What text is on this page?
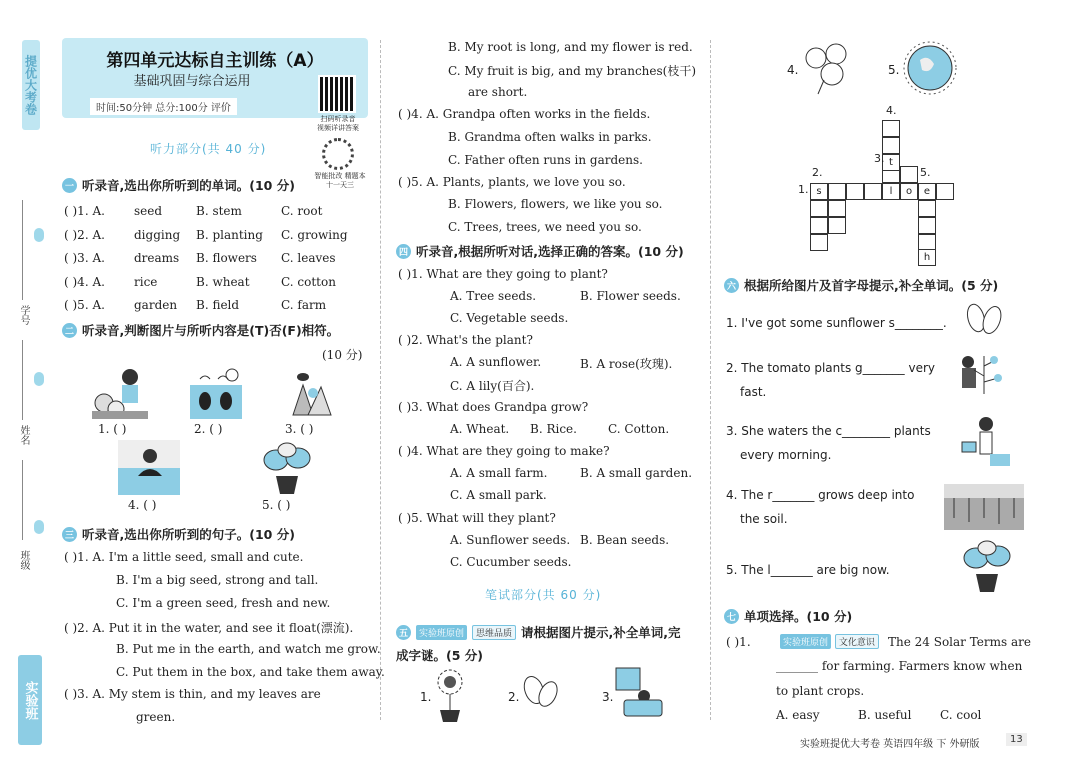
提优大考卷
学号
姓名
班级
实验班
第四单元达标自主训练（A）
基础巩固与综合运用
时间:50分钟 总分:100分 评价
扫码听录音 视频详讲答案
智能批改 精题本十一天三
听力部分(共 40 分)
一 听录音,选出你所听到的单词。(10 分)
( )1. A. seed	B. stem	C. root
( )2. A. digging B. planting C. growing
( )3. A. dreams B. flowers C. leaves
( )4. A. rice	B. wheat	C. cotton
( )5. A. garden B. field	C. farm
二 听录音,判断图片与所听内容是(T)否(F)相符。
(10 分)
1. ( )	2. ( )	3. ( )
4. ( )	5. ( )
三 听录音,选出你所听到的句子。(10 分)
( )1. A. I'm a little seed, small and cute.
B. I'm a big seed, strong and tall.
C. I'm a green seed, fresh and new.
( )2. A. Put it in the water, and see it float(漂流).
B. Put me in the earth, and watch me grow.
C. Put them in the box, and take them away.
( )3. A. My stem is thin, and my leaves are
green.
B. My root is long, and my flower is red.
C. My fruit is big, and my branches(枝干)
are short.
( )4. A. Grandpa often works in the fields.
B. Grandma often walks in parks.
C. Father often runs in gardens.
( )5. A. Plants, plants, we love you so.
B. Flowers, flowers, we like you so.
C. Trees, trees, we need you so.
四 听录音,根据所听对话,选择正确的答案。(10 分)
( )1. What are they going to plant?
A. Tree seeds.	B. Flower seeds.
C. Vegetable seeds.
( )2. What's the plant?
A. A sunflower.	B. A rose(玫瑰).
C. A lily(百合).
( )3. What does Grandpa grow?
A. Wheat. B. Rice.	C. Cotton.
( )4. What are they going to make?
A. A small farm.	B. A small garden.
C. A small park.
( )5. What will they plant?
A. Sunflower seeds. B. Bean seeds.
C. Cucumber seeds.
笔试部分(共 60 分)
五	实验班原创	思维品质 请根据图片提示,补全单词,完
成字谜。(5 分)
1.	2.	3.
4.	5.
s	l	o	e
t
h
4.
3.
2.
1.
5.
六 根据所给图片及首字母提示,补全单词。(5 分)
1. I've got some sunflower s________.
2. The tomato plants g_______ very
fast.
3. She waters the c________ plants
every morning.
4. The r_______ grows deep into
the soil.
5. The l_______ are big now.
七 单项选择。(10 分)
( )1.	实验班原创 文化意识	The 24 Solar Terms are
_______ for farming. Farmers know when
to plant crops.
A. easy	B. useful C. cool
实验班提优大考卷 英语四年级 下 外研版	13
